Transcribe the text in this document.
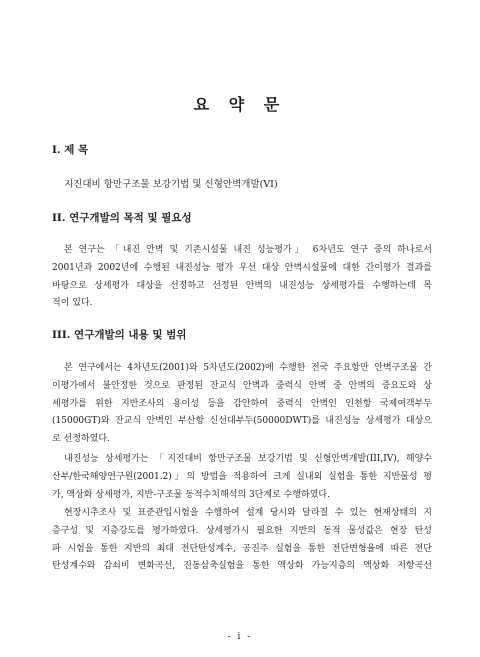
요 약 문
I. 제 목
지진대비 항만구조물 보강기법 및 신형안벽개발(VI)
II. 연구개발의 목적 및 필요성
본 연구는 「내진 안벽 및 기존시설물 내진 성능평가」 6차년도 연구 중의 하나로서
2001년과 2002년에 수행된 내진성능 평가 우선 대상 안벽시설물에 대한 간이평가 결과를
바탕으로 상세평가 대상을 선정하고 선정된 안벽의 내진성능 상세평가를 수행하는데 목
적이 있다.
III. 연구개발의 내용 및 범위
본 연구에서는 4차년도(2001)와 5차년도(2002)에 수행한 전국 주요항만 안벽구조물 간
이평가에서 불안정한 것으로 판정된 잔교식 안벽과 중력식 안벽 중 안벽의 중요도와 상
세평가를 위한 지반조사의 용이성 등을 감안하여 중력식 안벽인 인천항 국제여객부두
(15000GT)와 잔교식 안벽인 부산항 신선대부두(50000DWT)를 내진성능 상세평가 대상으
로 선정하였다.
내진성능 상세평가는 「지진대비 항만구조물 보강기법 및 신형안벽개발(III,IV), 해양수
산부/한국해양연구원(2001.2)」의 방법을 적용하여 크게 실내외 실험을 통한 지반물성 평
가, 액상화 상세평가, 지반-구조물 동적수치해석의 3단계로 수행하였다.
현장시추조사 및 표준관입시험을 수행하여 설계 당시와 달라질 수 있는 현재상태의 지
층구성 및 지층강도를 평가하였다. 상세평가시 필요한 지반의 동적 물성값은 현장 탄성
파 시험을 통한 지반의 최대 전단탄성계수, 공진주 실험을 통한 전단변형율에 따른 전단
탄성계수와 감쇠비 변화곡선, 진동삼축실험을 통한 액상화 가능지층의 액상화 저항곡선
- i -
